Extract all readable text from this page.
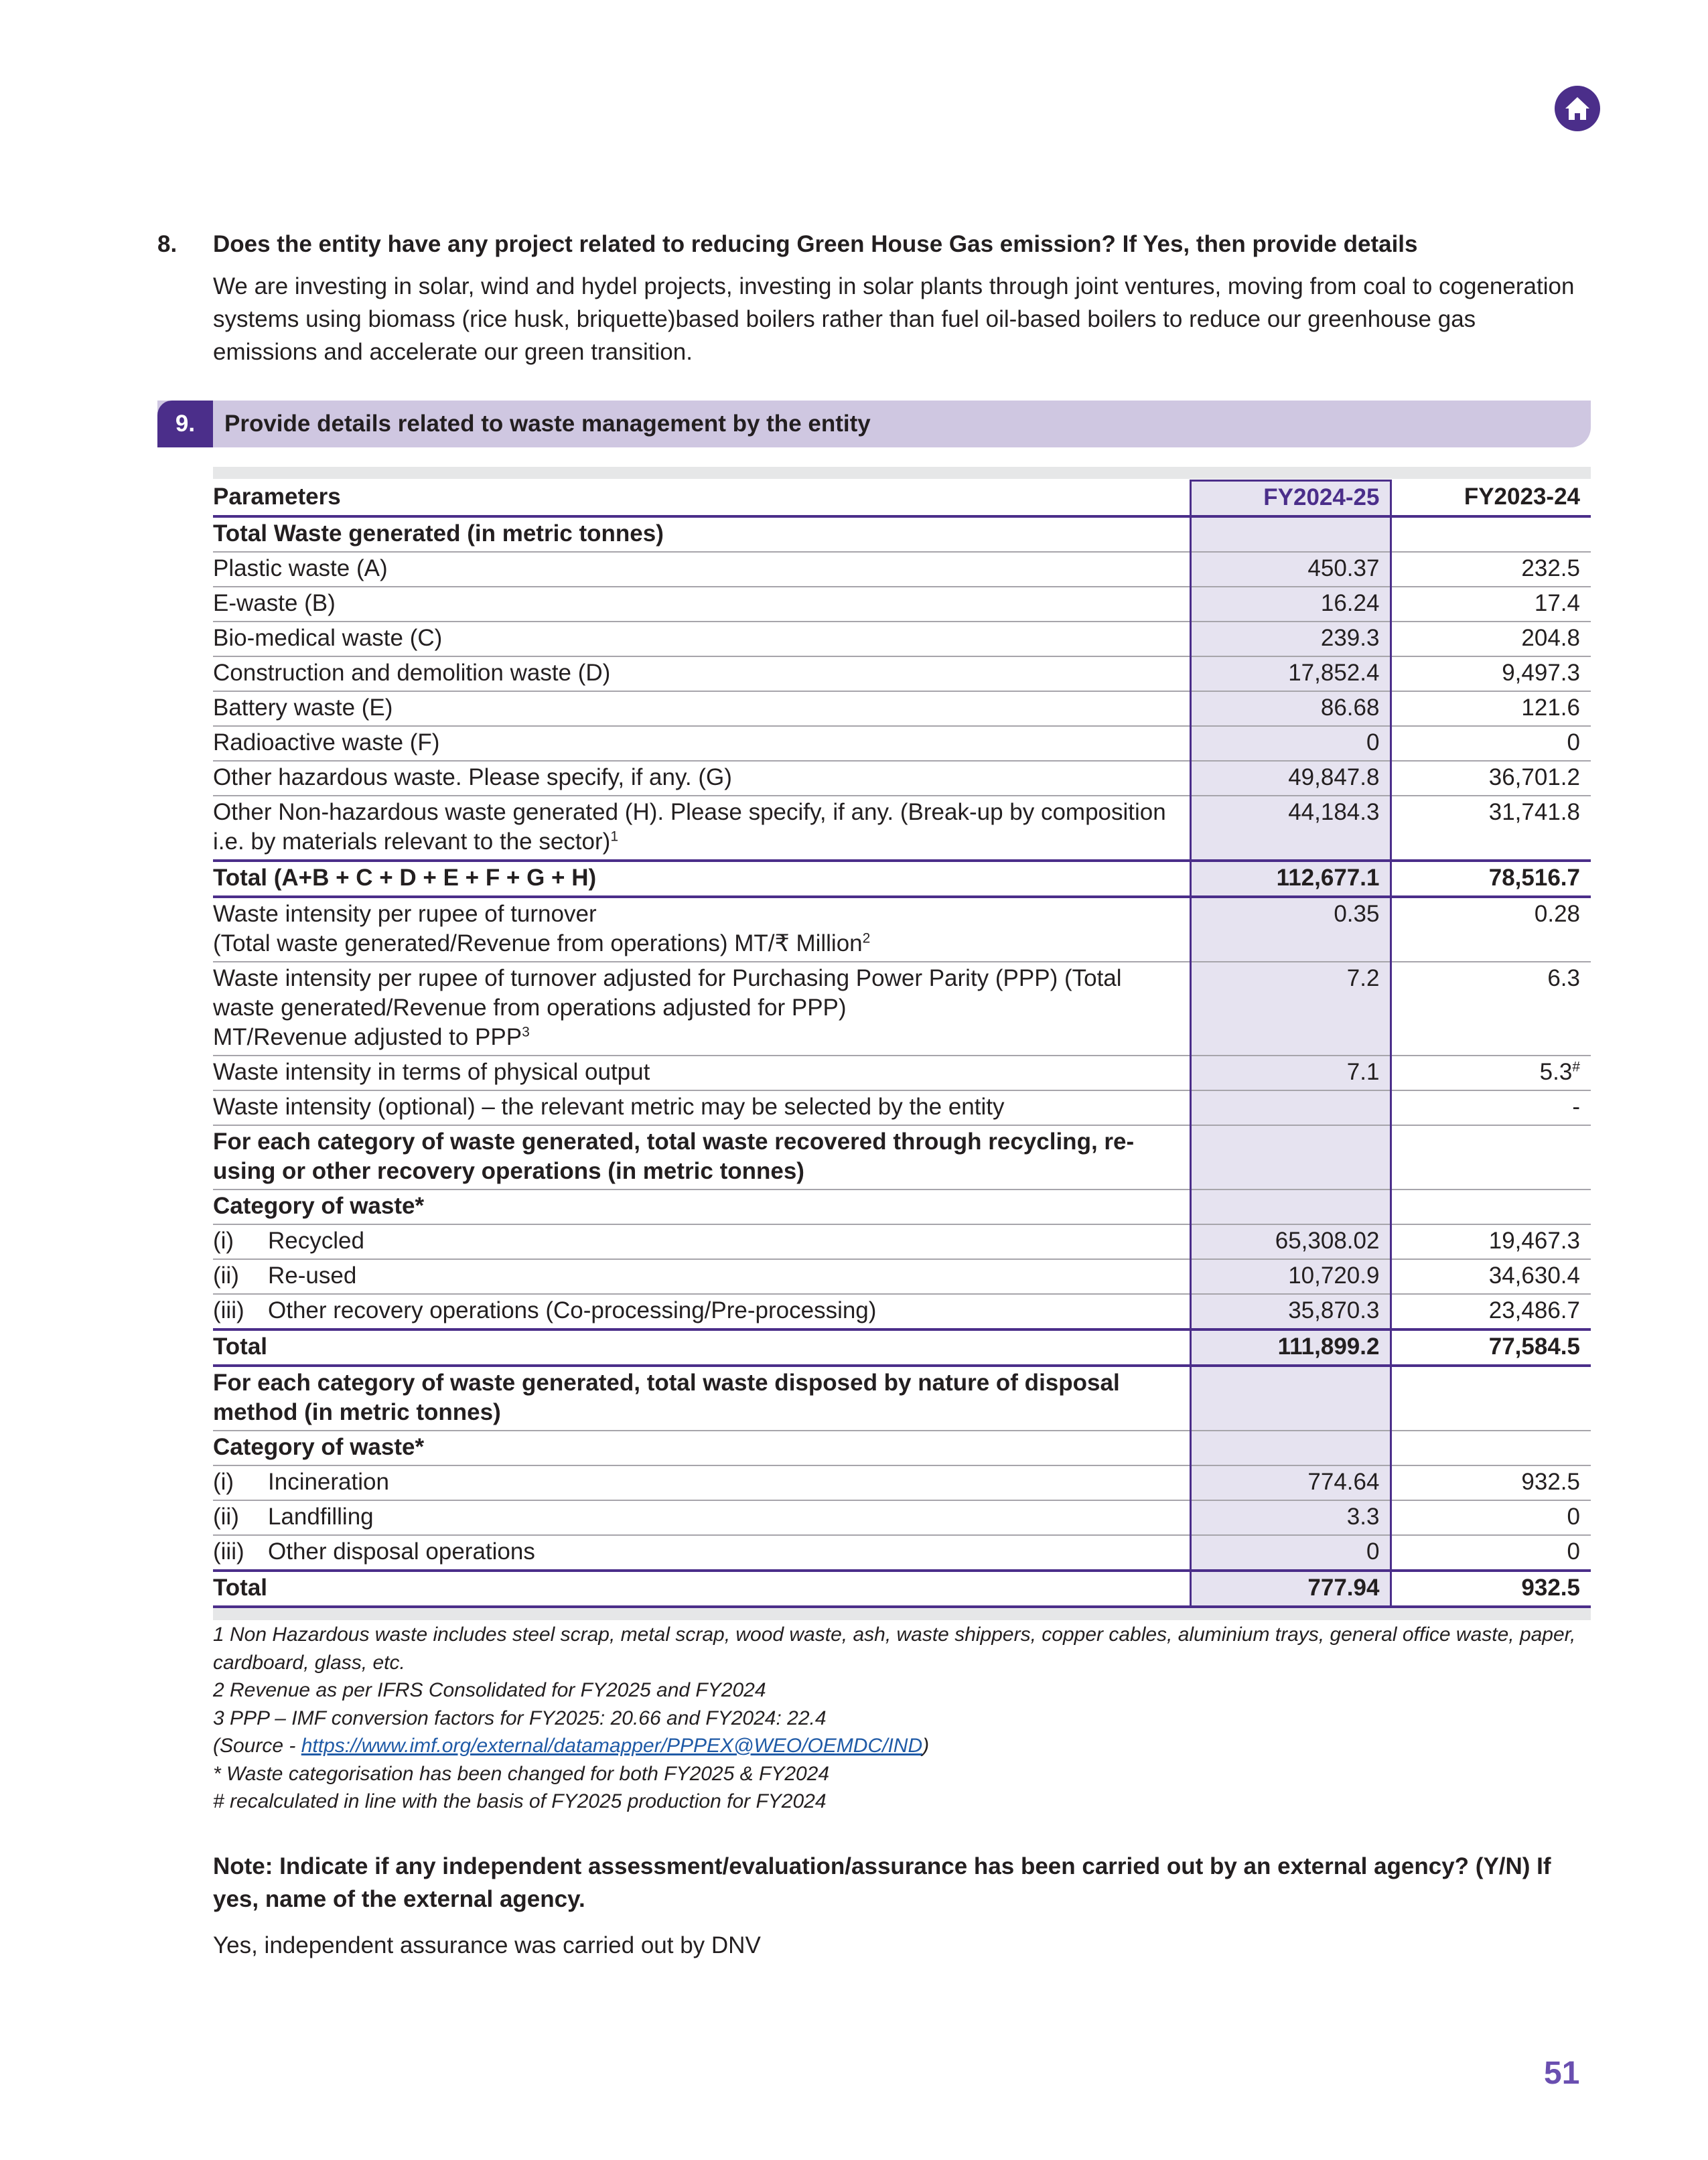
8. Does the entity have any project related to reducing Green House Gas emission? If Yes, then provide details
We are investing in solar, wind and hydel projects, investing in solar plants through joint ventures, moving from coal to cogeneration systems using biomass (rice husk, briquette)based boilers rather than fuel oil-based boilers to reduce our greenhouse gas emissions and accelerate our green transition.
9.	Provide details related to waste management by the entity
Parameters	FY2024-25	FY2023-24
Total Waste generated (in metric tonnes)		
Plastic waste (A)	450.37	232.5
E-waste (B)	16.24	17.4
Bio-medical waste (C)	239.3	204.8
Construction and demolition waste (D)	17,852.4	9,497.3
Battery waste (E)	86.68	121.6
Radioactive waste (F)	0	0
Other hazardous waste. Please specify, if any. (G)	49,847.8	36,701.2
Other Non-hazardous waste generated (H). Please specify, if any. (Break-up by composition i.e. by materials relevant to the sector)$^1$	44,184.3	31,741.8
Total (A+B + C + D + E + F + G + H)	112,677.1	78,516.7
Waste intensity per rupee of turnover
(Total waste generated/Revenue from operations) MT/₹ Million$^2$	0.35	0.28
Waste intensity per rupee of turnover adjusted for Purchasing Power Parity (PPP) (Total waste generated/Revenue from operations adjusted for PPP)
MT/Revenue adjusted to PPP$^3$	7.2	6.3
Waste intensity in terms of physical output	7.1	5.3#
Waste intensity (optional) – the relevant metric may be selected by the entity		-
For each category of waste generated, total waste recovered through recycling, re-using or other recovery operations (in metric tonnes)		
Category of waste*		
(i) Recycled	65,308.02	19,467.3
(ii) Re-used	10,720.9	34,630.4
(iii) Other recovery operations (Co-processing/Pre-processing)	35,870.3	23,486.7
Total	111,899.2	77,584.5
For each category of waste generated, total waste disposed by nature of disposal method (in metric tonnes)		
Category of waste*		
(i) Incineration	774.64	932.5
(ii) Landfilling	3.3	0
(iii) Other disposal operations	0	0
Total	777.94	932.5
1 Non Hazardous waste includes steel scrap, metal scrap, wood waste, ash, waste shippers, copper cables, aluminium trays, general office waste, paper, cardboard, glass, etc.
2 Revenue as per IFRS Consolidated for FY2025 and FY2024
3 PPP – IMF conversion factors for FY2025: 20.66 and FY2024: 22.4
(Source - https://www.imf.org/external/datamapper/PPPEX@WEO/OEMDC/IND)
* Waste categorisation has been changed for both FY2025 & FY2024
# recalculated in line with the basis of FY2025 production for FY2024
Note: Indicate if any independent assessment/evaluation/assurance has been carried out by an external agency? (Y/N) If yes, name of the external agency.
Yes, independent assurance was carried out by DNV
51
